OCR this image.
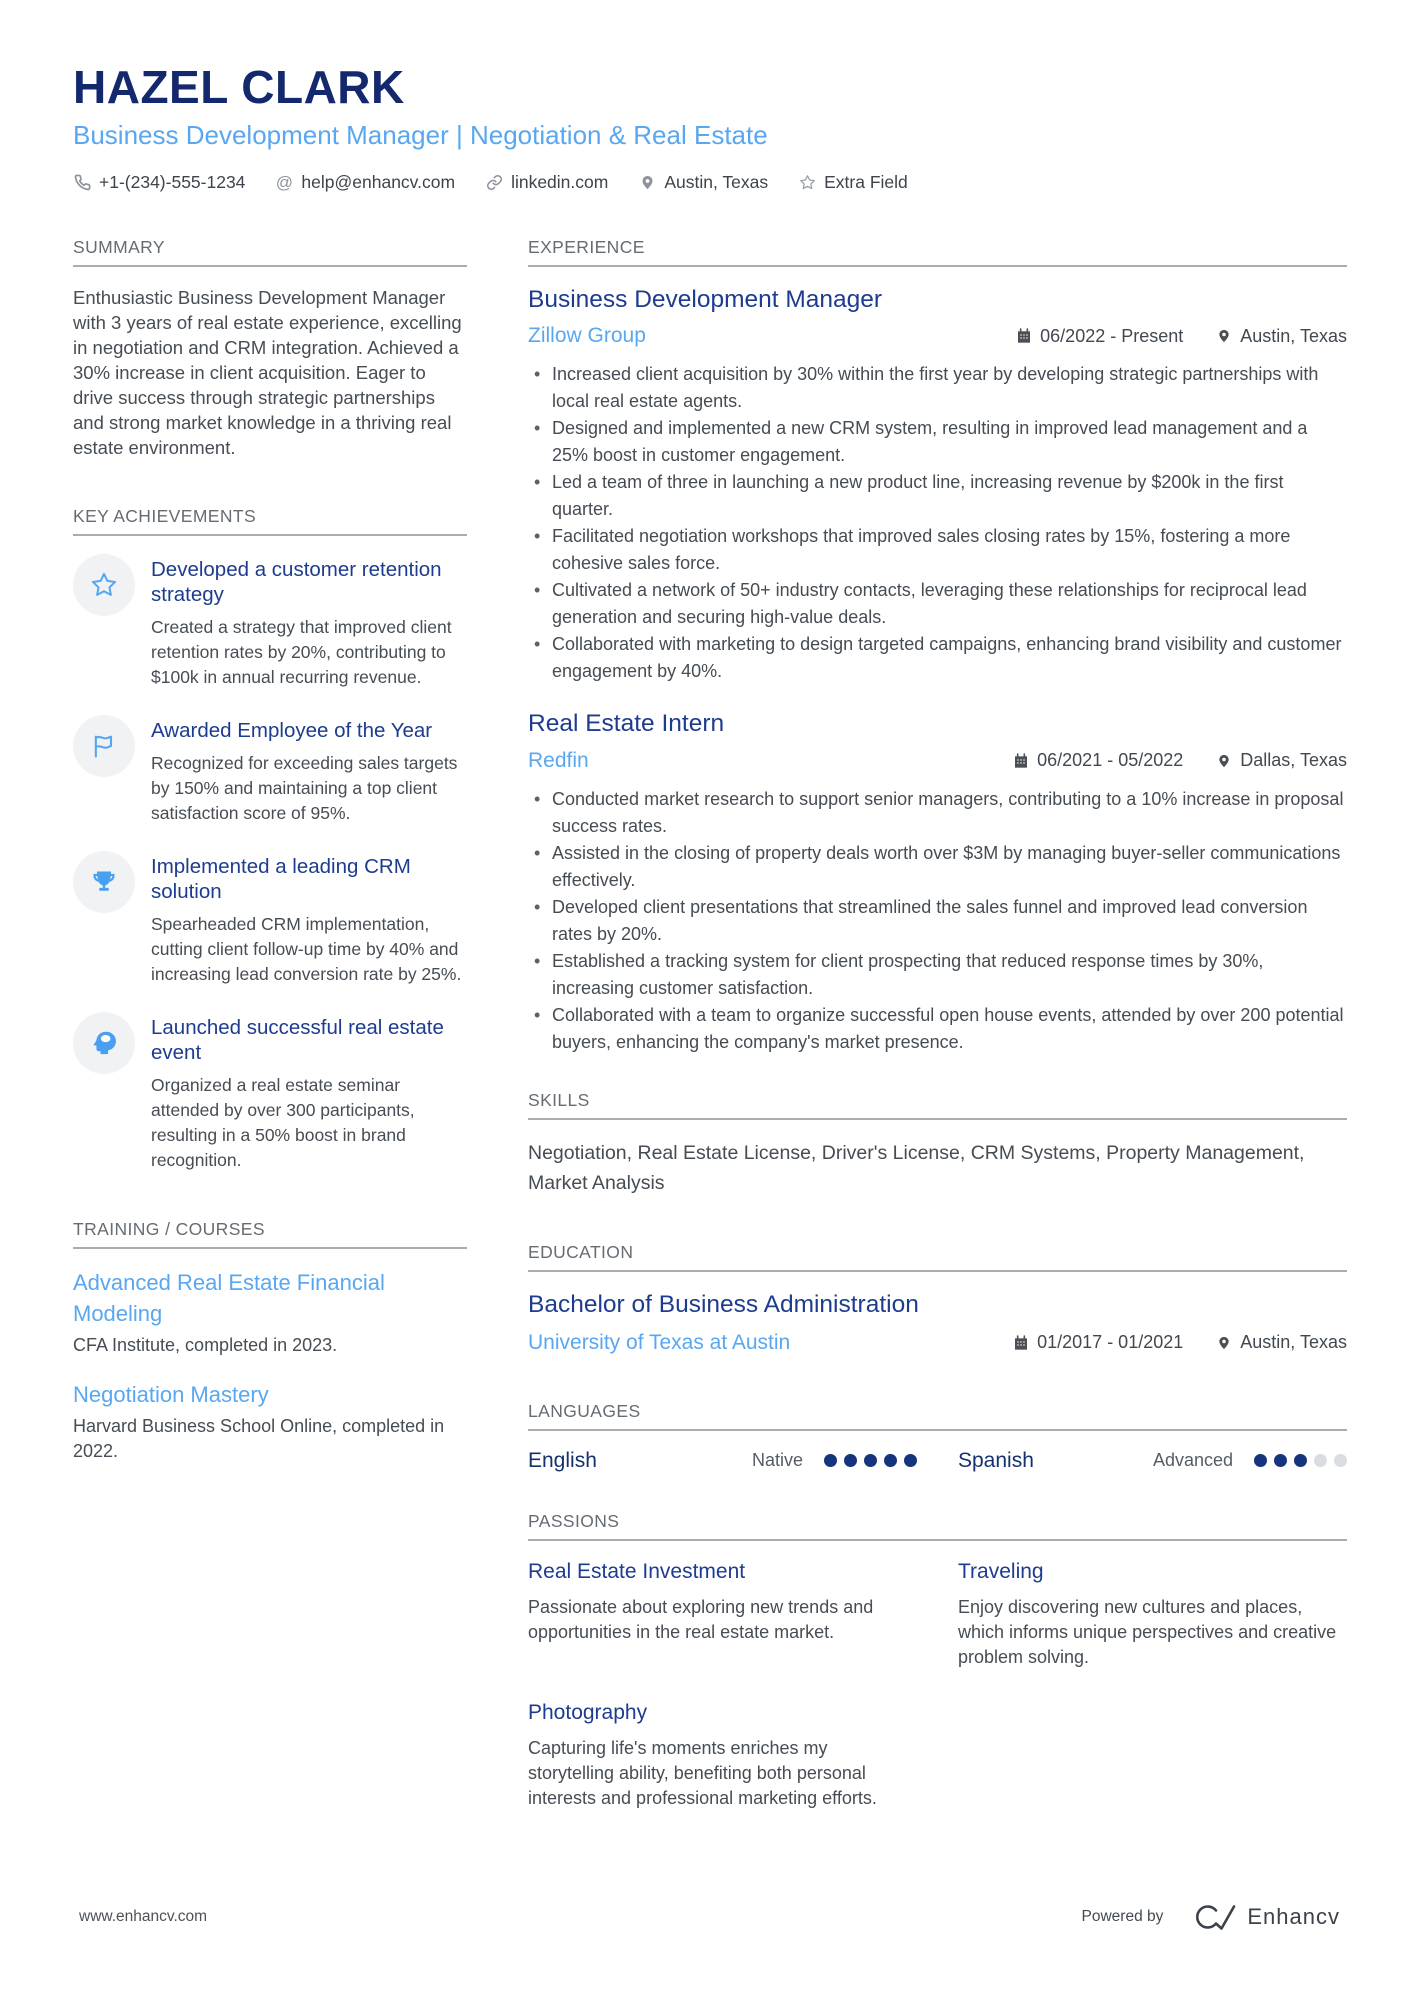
HAZEL CLARK
Business Development Manager | Negotiation & Real Estate
+1-(234)-555-1234 @ help@enhancv.com	linkedin.com	Austin, Texas	Extra Field
SUMMARY

Enthusiastic Business Development Manager with 3 years of real estate experience, excelling in negotiation and CRM integration. Achieved a 30% increase in client acquisition. Eager to drive success through strategic partnerships and strong market knowledge in a thriving real estate environment.

KEY ACHIEVEMENTS
Developed a customer retention strategy
Created a strategy that improved client retention rates by 20%, contributing to $100k in annual recurring revenue.
Awarded Employee of the Year
Recognized for exceeding sales targets by 150% and maintaining a top client satisfaction score of 95%.
Implemented a leading CRM solution
Spearheaded CRM implementation, cutting client follow-up time by 40% and increasing lead conversion rate by 25%.
Launched successful real estate event
Organized a real estate seminar attended by over 300 participants, resulting in a 50% boost in brand recognition.
TRAINING / COURSES
Advanced Real Estate Financial Modeling

CFA Institute, completed in 2023.

Negotiation Mastery

Harvard Business School Online, completed in 2022.

EXPERIENCE
Business Development Manager
Zillow Group	06/2022 - Present	Austin, Texas
• Increased client acquisition by 30% within the first year by developing strategic partnerships with local real estate agents.
• Designed and implemented a new CRM system, resulting in improved lead management and a 25% boost in customer engagement.
• Led a team of three in launching a new product line, increasing revenue by $200k in the first quarter.
• Facilitated negotiation workshops that improved sales closing rates by 15%, fostering a more cohesive sales force.
• Cultivated a network of 50+ industry contacts, leveraging these relationships for reciprocal lead generation and securing high-value deals.
• Collaborated with marketing to design targeted campaigns, enhancing brand visibility and customer engagement by 40%.
Real Estate Intern
Redfin	06/2021 - 05/2022	Dallas, Texas
• Conducted market research to support senior managers, contributing to a 10% increase in proposal success rates.
• Assisted in the closing of property deals worth over $3M by managing buyer-seller communications effectively.
• Developed client presentations that streamlined the sales funnel and improved lead conversion rates by 20%.
• Established a tracking system for client prospecting that reduced response times by 30%, increasing customer satisfaction.
• Collaborated with a team to organize successful open house events, attended by over 200 potential buyers, enhancing the company's market presence.
SKILLS

Negotiation, Real Estate License, Driver's License, CRM Systems, Property Management, Market Analysis

EDUCATION
Bachelor of Business Administration
University of Texas at Austin	01/2017 - 01/2021	Austin, Texas
LANGUAGES
English	Native	Spanish	Advanced
PASSIONS
Real Estate Investment

Passionate about exploring new trends and opportunities in the real estate market.

Traveling

Enjoy discovering new cultures and places, which informs unique perspectives and creative problem solving.

Photography

Capturing life's moments enriches my storytelling ability, benefiting both personal interests and professional marketing efforts.

www.enhancv.com	Powered by	Enhancv
